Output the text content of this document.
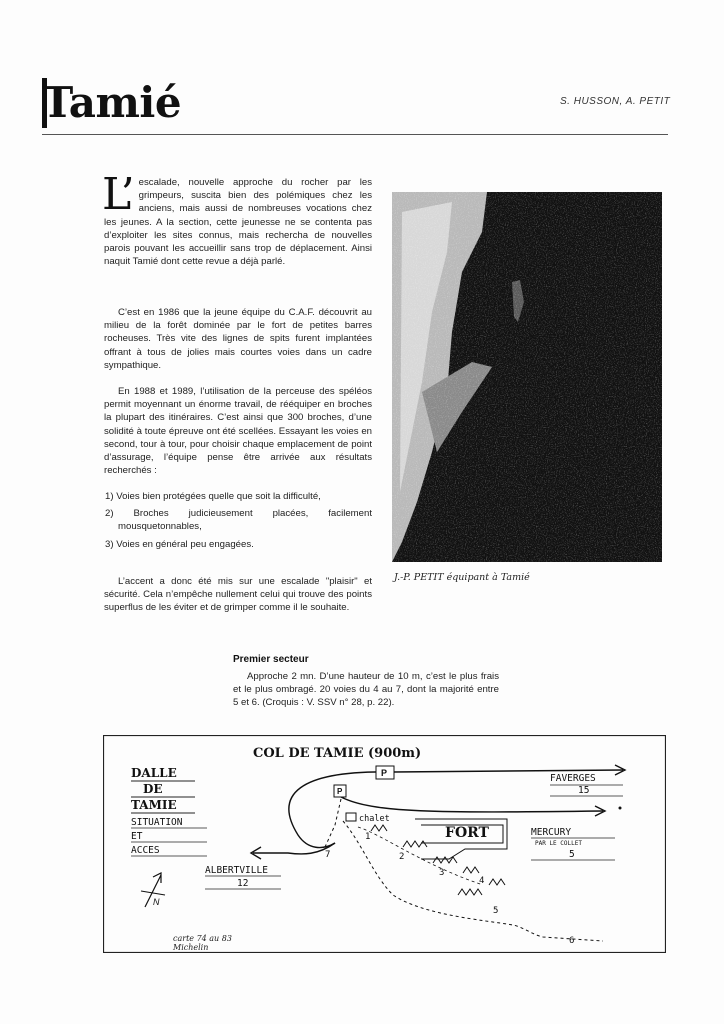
Tamié	S. HUSSON, A. PETIT
L’ escalade, nouvelle approche du rocher par les grimpeurs, suscita bien des polémiques chez les anciens, mais aussi de nombreuses vocations chez les jeunes. A la section, cette jeunesse ne se contenta pas d’exploiter les sites connus, mais rechercha de nouvelles parois pouvant les accueillir sans trop de déplacement. Ainsi naquit Tamié dont cette revue a déjà parlé.
C’est en 1986 que la jeune équipe du C.A.F. découvrit au milieu de la forêt dominée par le fort de petites barres rocheuses. Très vite des lignes de spits furent implantées offrant à tous de jolies mais courtes voies dans un cadre sympathique.
En 1988 et 1989, l’utilisation de la perceuse des spéléos permit moyennant un énorme travail, de rééquiper en broches la plupart des itinéraires. C’est ainsi que 300 broches, d’une solidité à toute épreuve ont été scellées. Essayant les voies en second, tour à tour, pour choisir chaque emplacement de point d’assurage, l’équipe pense être arrivée aux résultats recherchés :
1) Voies bien protégées quelle que soit la difficulté,
2) Broches judicieusement placées, facilement mousquetonnables,
3) Voies en général peu engagées.
L’accent a donc été mis sur une escalade "plaisir" et sécurité. Cela n’empêche nullement celui qui trouve des points superflus de les éviter et de grimper comme il le souhaite.
J.-P. PETIT équipant à Tamié
Premier secteur
Approche 2 mn. D’une hauteur de 10 m, c’est le plus frais et le plus ombragé. 20 voies du 4 au 7, dont la majorité entre 5 et 6. (Croquis : V. SSV n° 28, p. 22).
COL DE TAMIE (900m)
DALLE
DE
TAMIE
SITUATION
ET
ACCES
P
P
FAVERGES
15
MERCURY
PAR LE COLLET
5
ALBERTVILLE
12
FORT
chalet
1
2
3
4
5
6
7
N
carte 74 au 83
Michelin
